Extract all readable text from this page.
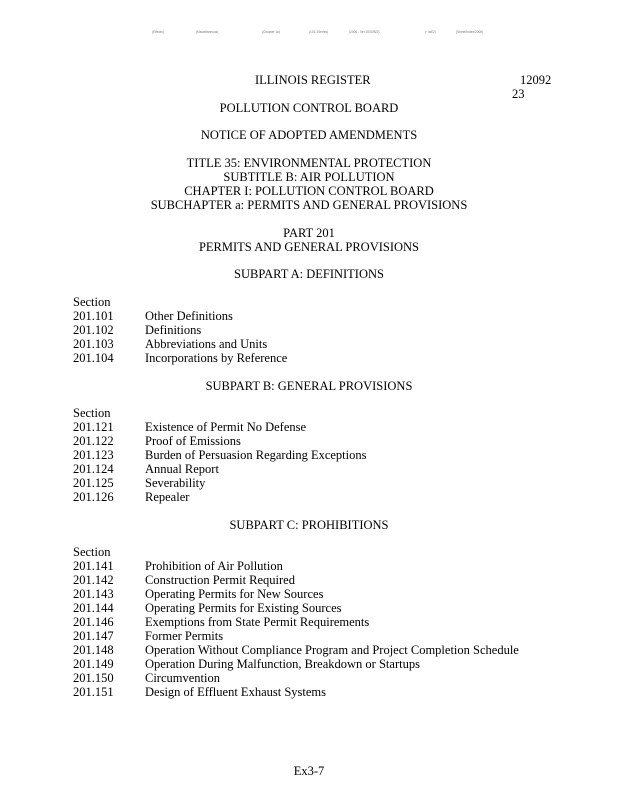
(Effects)	(Miscellaneous)	(Chapter 1a)	(101.1Series)	(2006 - Ver 2000/B/2)	(~/ail/2)	(Sheet/Index/2006)
ILLINOIS REGISTER	12092
23
POLLUTION CONTROL BOARD
NOTICE OF ADOPTED AMENDMENTS
TITLE 35: ENVIRONMENTAL PROTECTION
SUBTITLE B: AIR POLLUTION
CHAPTER I: POLLUTION CONTROL BOARD
SUBCHAPTER a: PERMITS AND GENERAL PROVISIONS
PART 201
PERMITS AND GENERAL PROVISIONS
SUBPART A: DEFINITIONS
Section
201.101	Other Definitions
201.102	Definitions
201.103	Abbreviations and Units
201.104	Incorporations by Reference
SUBPART B: GENERAL PROVISIONS
Section
201.121	Existence of Permit No Defense
201.122	Proof of Emissions
201.123	Burden of Persuasion Regarding Exceptions
201.124	Annual Report
201.125	Severability
201.126	Repealer
SUBPART C: PROHIBITIONS
Section
201.141	Prohibition of Air Pollution
201.142	Construction Permit Required
201.143	Operating Permits for New Sources
201.144	Operating Permits for Existing Sources
201.146	Exemptions from State Permit Requirements
201.147	Former Permits
201.148	Operation Without Compliance Program and Project Completion Schedule
201.149	Operation During Malfunction, Breakdown or Startups
201.150	Circumvention
201.151	Design of Effluent Exhaust Systems
Ex3-7
